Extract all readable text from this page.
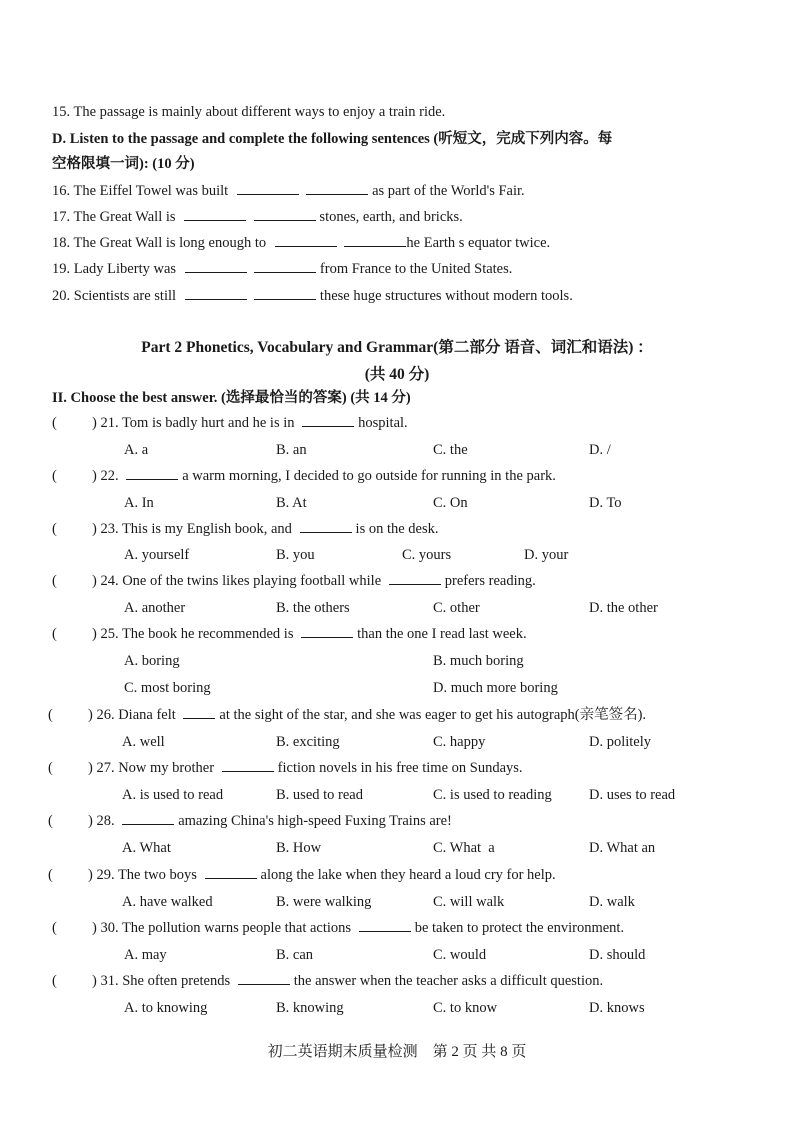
15. The passage is mainly about different ways to enjoy a train ride.
D. Listen to the passage and complete the following sentences (听短文，完成下列内容。每
空格限填一词): (10 分)
16. The Eiffel Towel was built	as part of the World's Fair.
17. The Great Wall is	stones, earth, and bricks.
18. The Great Wall is long enough to	he Earth s equator twice.
19. Lady Liberty was	from France to the United States.
20. Scientists are still	these huge structures without modern tools.
Part 2 Phonetics, Vocabulary and Grammar(第二部分 语音、词汇和语法) ：
(共 40 分)
II. Choose the best answer. (选择最恰当的答案) (共 14 分)
( ) 21. Tom is badly hurt and he is in	hospital.
A. a	B. an	C. the	D. /
( ) 22.	a warm morning, I decided to go outside for running in the park.
A. In	B. At	C. On	D. To
( ) 23. This is my English book, and	is on the desk.
A. yourself	B. you	C. yours	D. your
( ) 24. One of the twins likes playing football while	prefers reading.
A. another	B. the others	C. other	D. the other
( ) 25. The book he recommended is	than the one I read last week.
A. boring	B. much boring
C. most boring	D. much more boring
( ) 26. Diana felt	at the sight of the star, and she was eager to get his autograph(亲笔签名).
A. well	B. exciting	C. happy	D. politely
( ) 27. Now my brother	fiction novels in his free time on Sundays.
A. is used to read	B. used to read	C. is used to reading	D. uses to read
( ) 28.	amazing China's high-speed Fuxing Trains are!
A. What	B. How	C. What  a	D. What an
( ) 29. The two boys	along the lake when they heard a loud cry for help.
A. have walked	B. were walking	C. will walk	D. walk
( ) 30. The pollution warns people that actions	be taken to protect the environment.
A. may	B. can	C. would	D. should
( ) 31. She often pretends	the answer when the teacher asks a difficult question.
A. to knowing	B. knowing	C. to know	D. knows
初二英语期末质量检测　第 2 页 共 8 页
